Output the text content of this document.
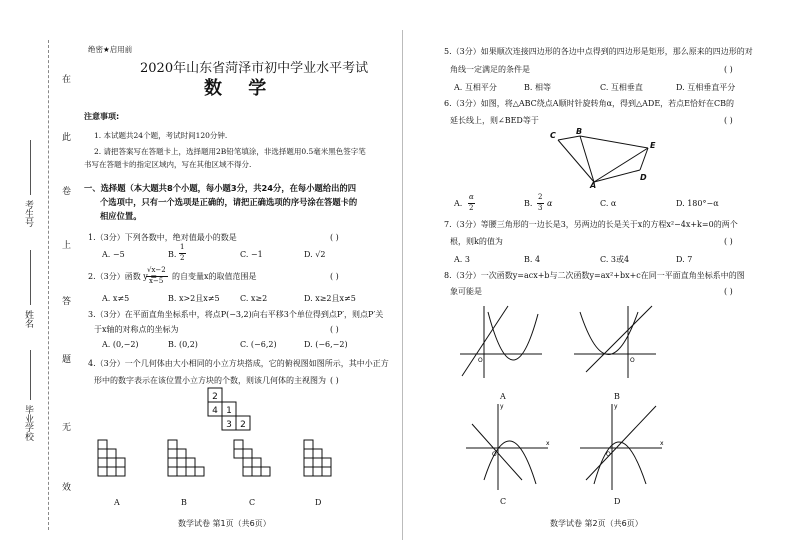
在
此
卷
上
答
题
无
效
考生号
姓名
毕业学校
绝密★启用前
2020年山东省菏泽市初中学业水平考试
数 学
注意事项:
1. 本试题共24个题，考试时间120分钟.
2. 请把答案写在答题卡上，选择题用2B铅笔填涂，非选择题用0.5毫米黑色签字笔
书写在答题卡的指定区域内，写在其他区域不得分.
一、选择题（本大题共8个小题，每小题3分，共24分，在每小题给出的四
个选项中，只有一个选项是正确的，请把正确选项的序号涂在答题卡的
相应位置。
1.（3分）下列各数中，绝对值最小的数是	( )
A. −5	B.
1
2	C. −1	D. √2
2.（3分）函数 y =
√x−2
x−5 的自变量x的取值范围是	( )
A. x≠5	B. x>2且x≠5	C. x≥2	D. x≥2且x≠5
3.（3分）在平面直角坐标系中，将点P(−3,2)向右平移3个单位得到点P′，则点P′关
于x轴的对称点的坐标为	( )
A. (0,−2)	B. (0,2)	C. (−6,2)	D. (−6,−2)
4.（3分）一个几何体由大小相同的小立方块搭成，它的俯视图如图所示，其中小正方
形中的数字表示在该位置小立方块的个数，则该几何体的主视图为 ( )
2
4 1
3 2
A	B	C	D
数学试卷 第1页（共6页）
5.（3分）如果顺次连接四边形的各边中点得到的四边形是矩形，那么原来的四边形的对
角线一定满足的条件是	( )
A. 互相平分	B. 相等	C. 互相垂直	D. 互相垂直平分
6.（3分）如图，将△ABC绕点A顺时针旋转角α，得到△ADE，若点E恰好在CB的
延长线上，则∠BED等于	( )
C	B
E
A
D
A.
α
2	B.
2
3 α	C. α	D. 180°−α
7.（3分）等腰三角形的一边长是3，另两边的长是关于x的方程x²−4x+k=0的两个
根，则k的值为	( )
A. 3	B. 4	C. 3或4	D. 7
8.（3分）一次函数y=acx+b与二次函数y=ax²+bx+c在同一平面直角坐标系中的图
象可能是	( )
O	O
A	B
O
x
y
O
x
y
C	D
数学试卷 第2页（共6页）
